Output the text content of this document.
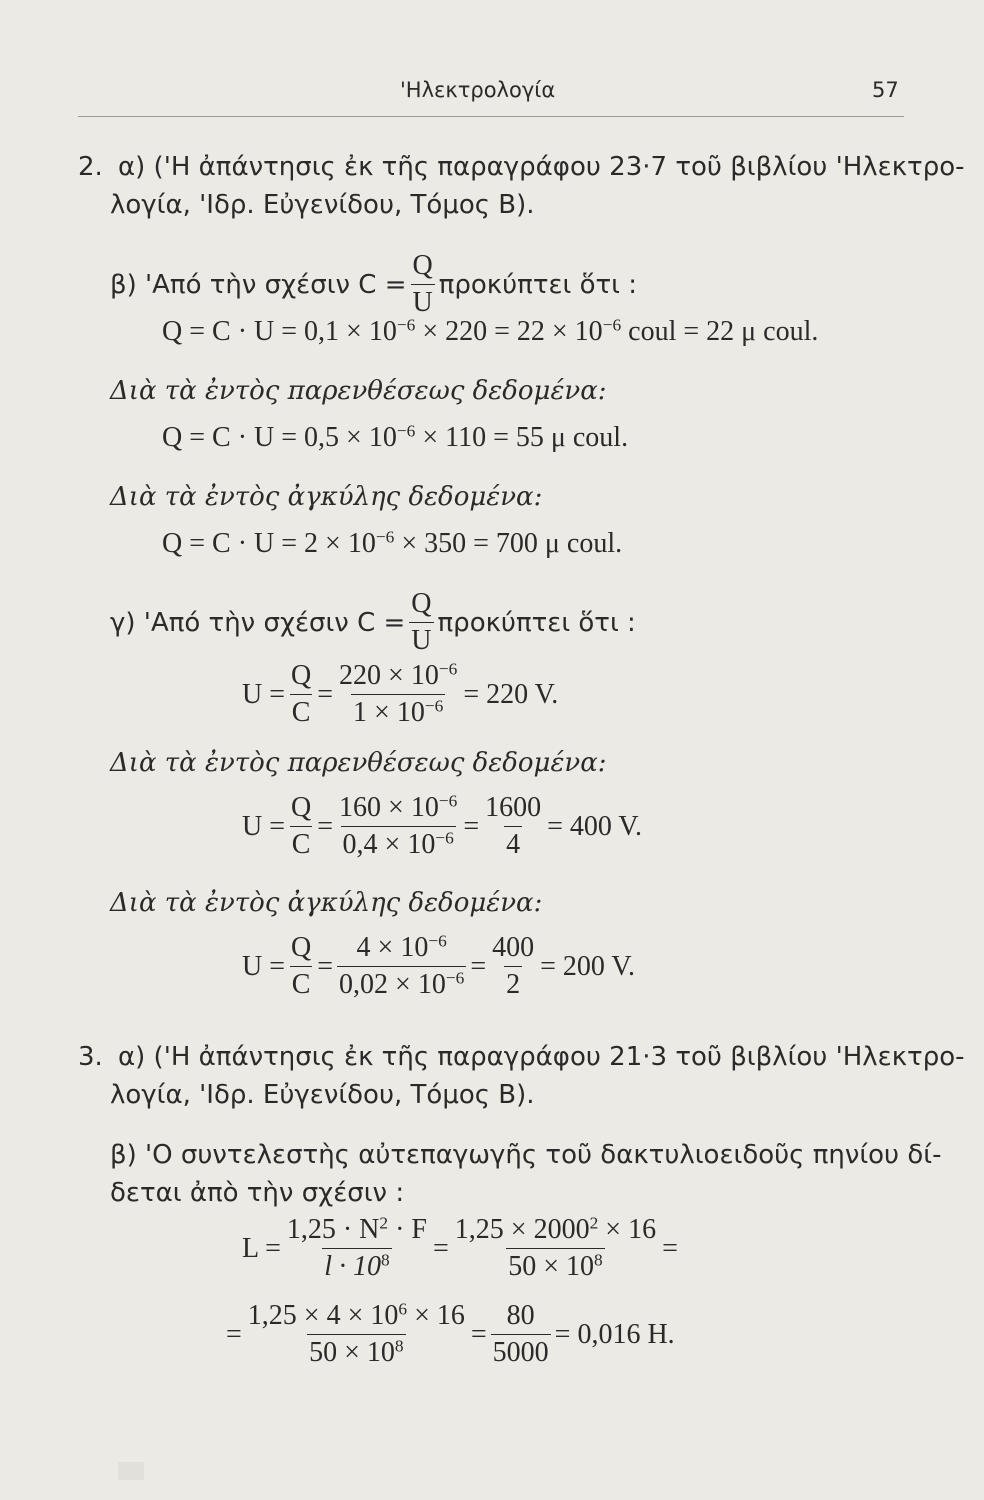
'Ηλεκτρολογία	57
2. α) ('Η ἀπάντησις ἐκ τῆς παραγράφου 23·7 τοῦ βιβλίου 'Ηλεκτρο-
λογία, 'Ιδρ. Εὐγενίδου, Τόμος Β).
β) 'Από τὴν σχέσιν $C = \frac{Q}{U}$ προκύπτει ὅτι :
$Q = C \cdot U = 0,1 \times 10^{-6} \times 220 = 22 \times 10^{-6}$ coul = 22 μ coul.
Διὰ τὰ ἐντὸς παρενθέσεως δεδομένα:
$Q = C \cdot U = 0,5 \times 10^{-6} \times 110 = 55$ μ coul.
Διὰ τὰ ἐντὸς ἀγκύλης δεδομένα:
$Q = C \cdot U = 2 \times 10^{-6} \times 350 = 700$ μ coul.
γ) 'Από τὴν σχέσιν $C = \frac{Q}{U}$ προκύπτει ὅτι :
$U = \frac{Q}{C} = \frac{220 \times 10^{-6}}{1 \times 10^{-6}} = 220$ V.
Διὰ τὰ ἐντὸς παρενθέσεως δεδομένα:
$U = \frac{Q}{C} = \frac{160 \times 10^{-6}}{0,4 \times 10^{-6}} = \frac{1600}{4} = 400$ V.
Διὰ τὰ ἐντὸς ἀγκύλης δεδομένα:
$U = \frac{Q}{C} = \frac{4 \times 10^{-6}}{0,02 \times 10^{-6}} = \frac{400}{2} = 200$ V.
3. α) ('Η ἀπάντησις ἐκ τῆς παραγράφου 21·3 τοῦ βιβλίου 'Ηλεκτρο-
λογία, 'Ιδρ. Εὐγενίδου, Τόμος Β).
β) 'Ο συντελεστὴς αὐτεπαγωγῆς τοῦ δακτυλιοειδοῦς πηνίου δί-
δεται ἀπὸ τὴν σχέσιν :
$L = \frac{1,25 \cdot N^2 \cdot F}{l \cdot 10^8} = \frac{1,25 \times 2000^2 \times 16}{50 \times 10^8}$ =
= $\frac{1,25 \times 4 \times 10^6 \times 16}{50 \times 10^8} = \frac{80}{5000} = 0,016$ H.
